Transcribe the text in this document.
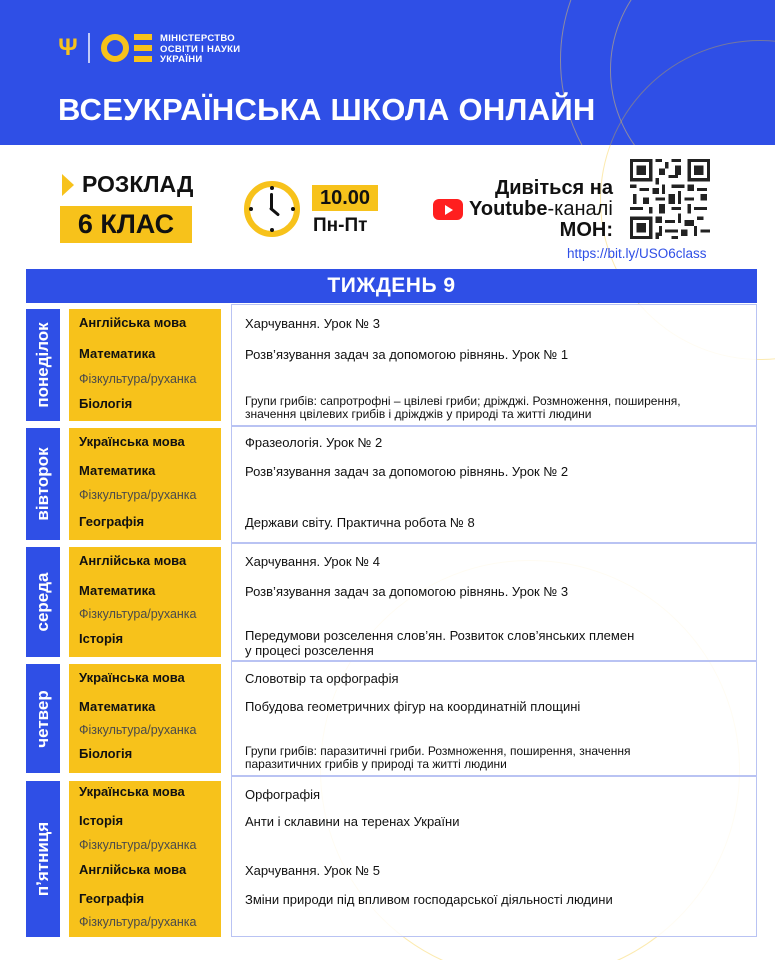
Ψ	МІНІСТЕРСТВО
ОСВІТИ І НАУКИ
УКРАЇНИ
ВСЕУКРАЇНСЬКА ШКОЛА ОНЛАЙН
РОЗКЛАД
6 КЛАС
10.00
Пн-Пт
Дивіться на
Youtube-каналі
МОН:
https://bit.ly/USO6class
ТИЖДЕНЬ 9
понеділок Англійська мова
Математика
Фізкультура/руханка
Біологія
Харчування. Урок № 3
Розв’язування задач за допомогою рівнянь. Урок № 1
Групи грибів: сапротрофні – цвілеві гриби; дріжджі. Розмноження, поширення,
значення цвілевих грибів і дріжджів у природі та житті людини
вівторок
Українська мова
Математика
Фізкультура/руханка
Географія
Фразеологія. Урок № 2
Розв’язування задач за допомогою рівнянь. Урок № 2
Держави світу. Практична робота № 8
середа
Англійська мова
Математика
Фізкультура/руханка
Історія
Харчування. Урок № 4
Розв’язування задач за допомогою рівнянь. Урок № 3
Передумови розселення слов’ян. Розвиток слов’янських племен
у процесі розселення
четвер
Українська мова
Математика
Фізкультура/руханка
Біологія
Словотвір та орфографія
Побудова геометричних фігур на координатній площині
Групи грибів: паразитичні гриби. Розмноження, поширення, значення
паразитичних грибів у природі та житті людини
пʼятниця
Українська мова
Історія
Фізкультура/руханка
Англійська мова
Географія
Фізкультура/руханка
Орфографія
Анти і склавини на теренах України
Харчування. Урок № 5
Зміни природи під впливом господарської діяльності людини
